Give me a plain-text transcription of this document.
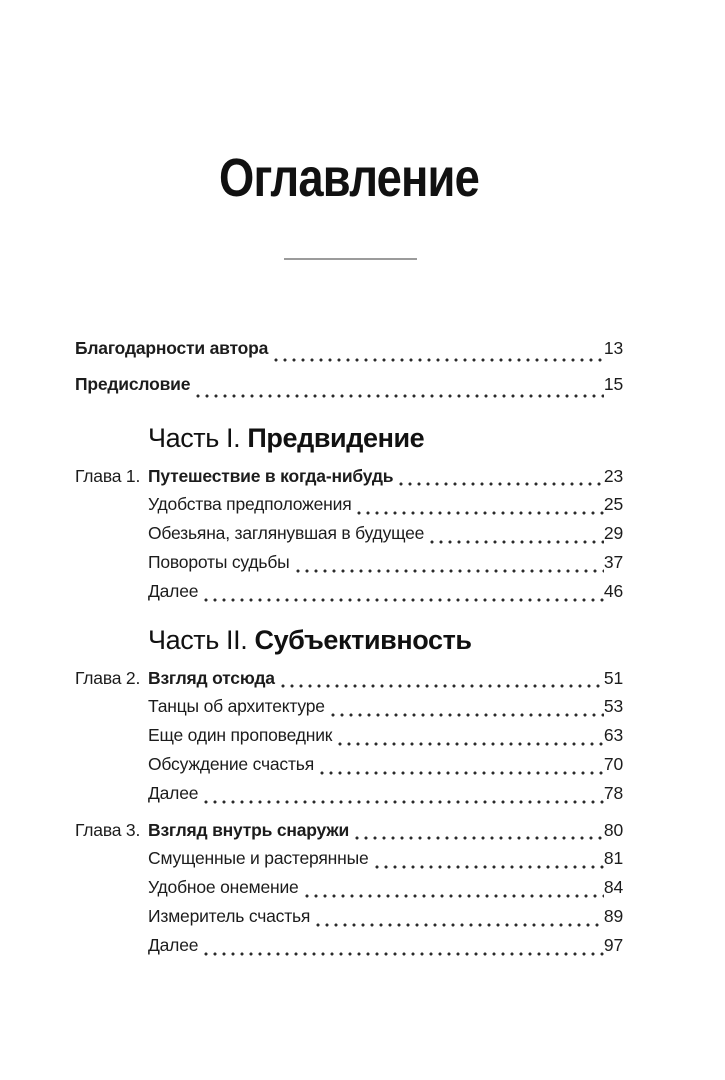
Оглавление
Благодарности автора	13
Предисловие	15
Часть I. Предвидение
Глава 1. Путешествие в когда-нибудь	23
Удобства предположения	25
Обезьяна, заглянувшая в будущее	29
Повороты судьбы	37
Далее	46
Часть II. Субъективность
Глава 2. Взгляд отсюда	51
Танцы об архитектуре	53
Еще один проповедник	63
Обсуждение счастья	70
Далее	78
Глава 3. Взгляд внутрь снаружи	80
Смущенные и растерянные	81
Удобное онемение	84
Измеритель счастья	89
Далее	97
